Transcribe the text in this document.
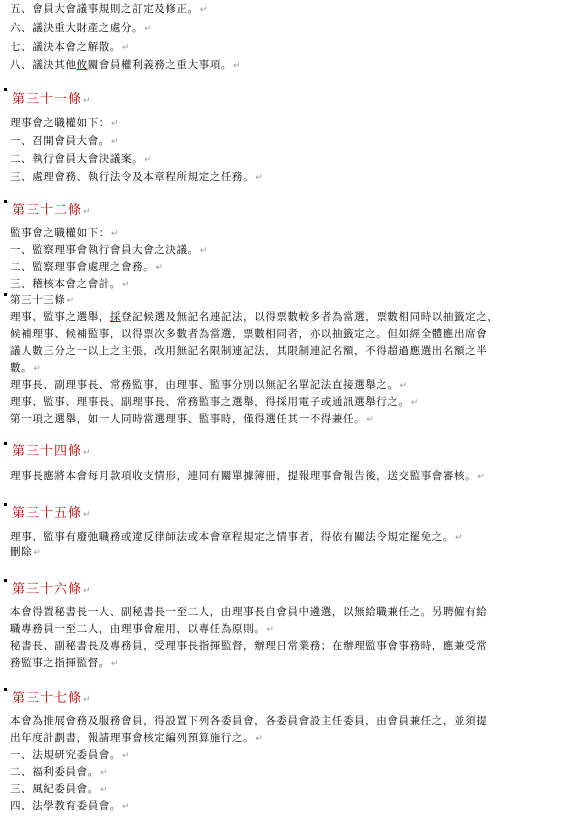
五、會員大會議事規則之訂定及修正。↵
六、議決重大財產之處分。↵
七、議決本會之解散。↵
八、議決其他攸關會員權利義務之重大事項。↵
第三十一條↵
理事會之職權如下：↵
一、召開會員大會。↵
二、執行會員大會決議案。↵
三、處理會務、執行法令及本章程所規定之任務。↵
第三十二條↵
監事會之職權如下：↵
一、監察理事會執行會員大會之決議。↵
二、監察理事會處理之會務。↵
三、稽核本會之會計。↵
第三十三條↵
理事、監事之選舉，採登記候選及無記名連記法，以得票數較多者為當選，票數相同時以抽籤定之，
候補理事、候補監事，以得票次多數者為當選，票數相同者，亦以抽籤定之。但如經全體應出席會
議人數三分之一以上之主張，改用無記名限制連記法，其限制連記名額，不得超過應選出名額之半
數。↵
理事長、副理事長、常務監事，由理事、監事分別以無記名單記法直接選舉之。↵
理事、監事、理事長、副理事長、常務監事之選舉，得採用電子或通訊選舉行之。↵
第一項之選舉，如一人同時當選理事、監事時，僅得選任其一不得兼任。↵
第三十四條↵
理事長應將本會每月款項收支情形，連同有關單據簿冊，提報理事會報告後，送交監事會審核。↵
第三十五條↵
理事、監事有廢弛職務或違反律師法或本會章程規定之情事者，得依有關法令規定罷免之。↵
刪除↵
第三十六條↵
本會得置秘書長一人、副秘書長一至二人，由理事長自會員中遴選，以無給職兼任之。另聘僱有給
職專務員一至二人，由理事會雇用，以專任為原則。↵
秘書長、副秘書長及專務員，受理事長指揮監督，辦理日常業務；在辦理監事會事務時，應兼受常
務監事之指揮監督。↵
第三十七條↵
本會為推展會務及服務會員，得設置下列各委員會，各委員會設主任委員，由會員兼任之，並須提
出年度計劃書，報請理事會核定編列預算施行之。↵
一、法規研究委員會。↵
二、福利委員會。↵
三、風紀委員會。↵
四、法學教育委員會。↵
